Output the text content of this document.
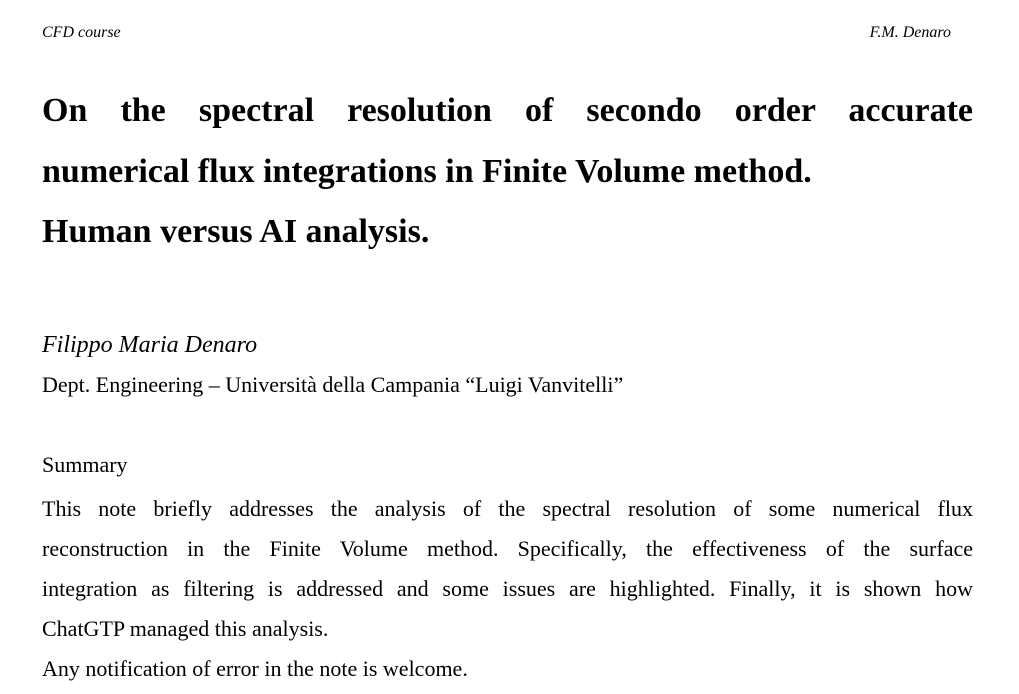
CFD course	F.M. Denaro
On the spectral resolution of secondo order accurate
numerical flux integrations in Finite Volume method.
Human versus AI analysis.
Filippo Maria Denaro
Dept. Engineering – Università della Campania “Luigi Vanvitelli”
Summary
This note briefly addresses the analysis of the spectral resolution of some numerical flux
reconstruction in the Finite Volume method. Specifically, the effectiveness of the surface
integration as filtering is addressed and some issues are highlighted. Finally, it is shown how
ChatGTP managed this analysis.
Any notification of error in the note is welcome.
